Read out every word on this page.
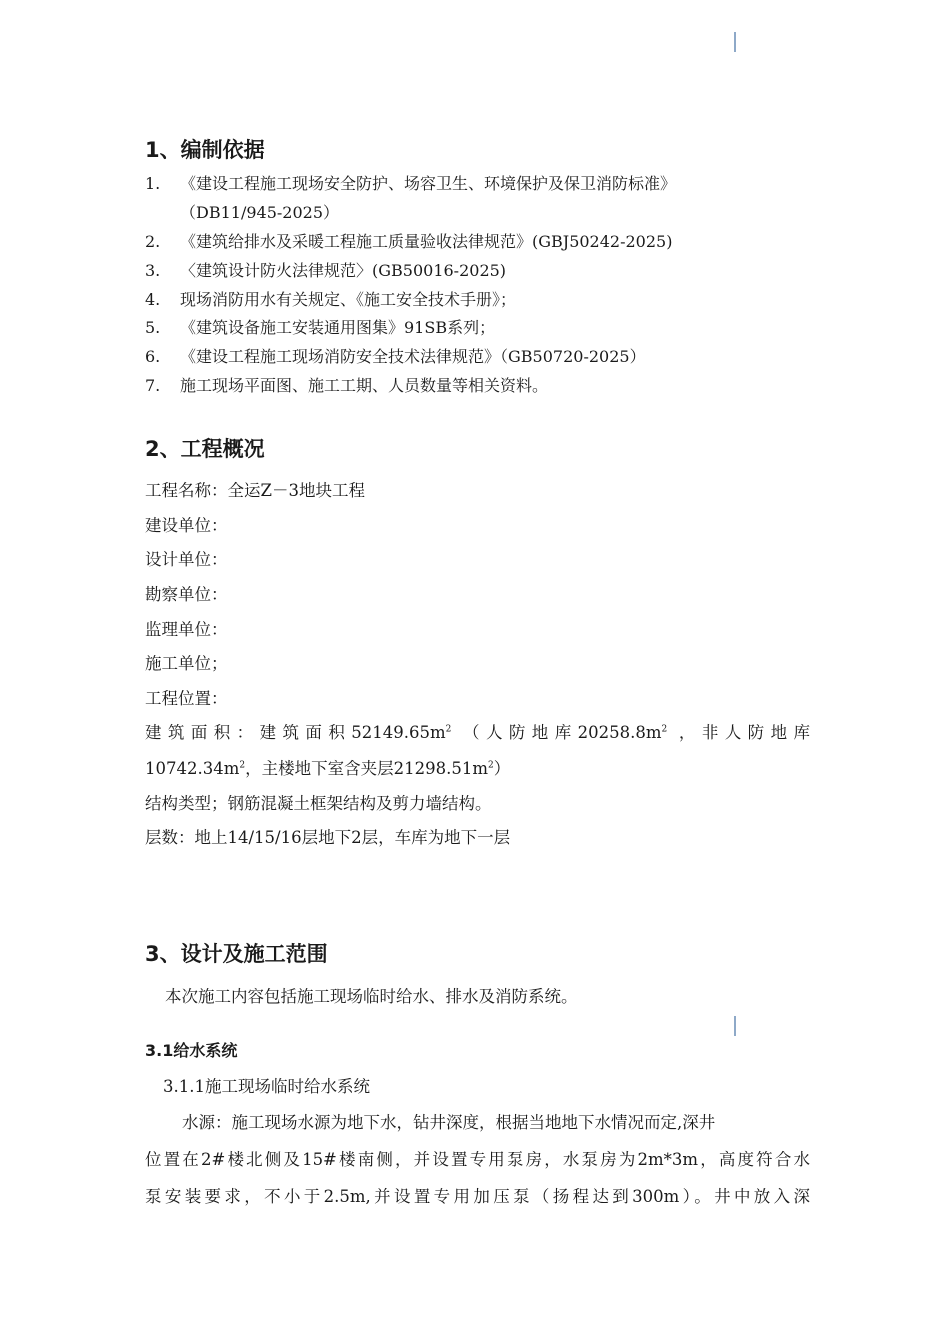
1、编制依据
1. 《建设工程施工现场安全防护、场容卫生、环境保护及保卫消防标准》
（DB11/945-2025）
2. 《建筑给排水及采暖工程施工质量验收法律规范》(GBJ50242-2025)
3. 〈建筑设计防火法律规范〉(GB50016-2025)
4. 现场消防用水有关规定、《施工安全技术手册》；
5. 《建筑设备施工安装通用图集》91SB系列；
6. 《建设工程施工现场消防安全技术法律规范》（GB50720-2025）
7. 施工现场平面图、施工工期、人员数量等相关资料。
2、工程概况
工程名称：全运Z－3地块工程
建设单位：
设计单位：
勘察单位：
监理单位：
施工单位；
工程位置：
建筑面积：建筑面积$52149.65m^2$ （人防地库$20258.8m^2$ ，非人防地库
$10742.34m^2$，主楼地下室含夹层$21298.51m^2$）
结构类型；钢筋混凝土框架结构及剪力墙结构。
层数：地上14/15/16层地下2层，车库为地下一层
3、设计及施工范围
本次施工内容包括施工现场临时给水、排水及消防系统。
3.1给水系统
3.1.1施工现场临时给水系统
水源：施工现场水源为地下水，钻井深度，根据当地地下水情况而定,深井
位置在2#楼北侧及15#楼南侧，并设置专用泵房，水泵房为2m*3m，高度符合水
泵安装要求，不小于2.5m,并设置专用加压泵（扬程达到300m）。井中放入深
